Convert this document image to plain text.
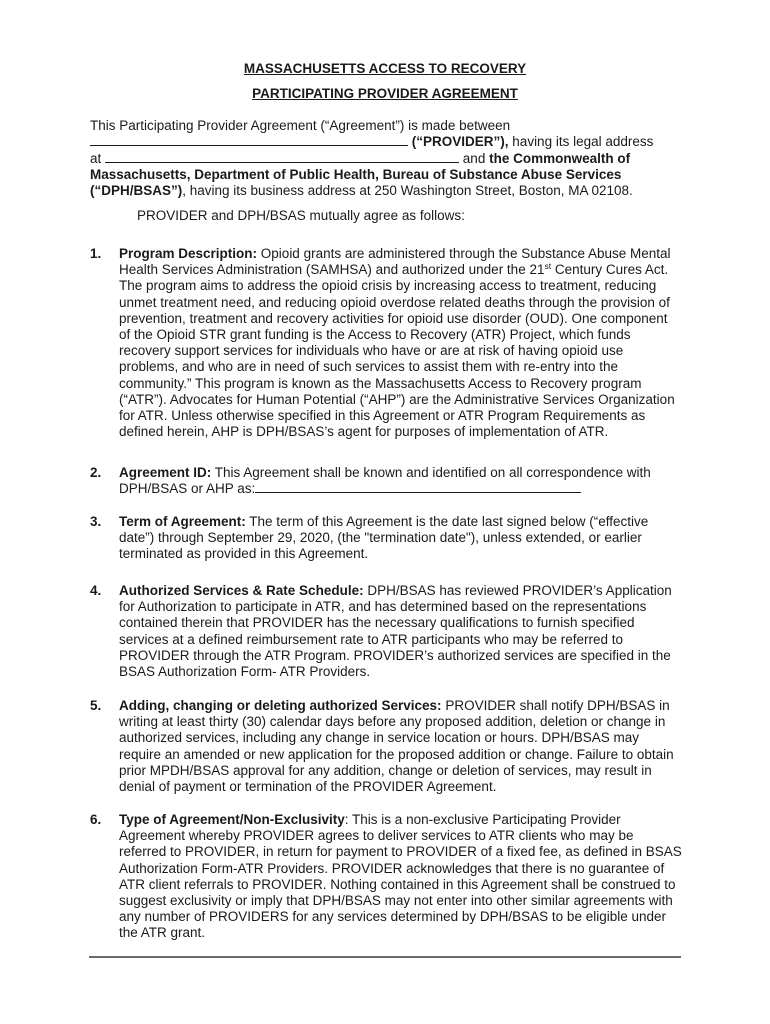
MASSACHUSETTS ACCESS TO RECOVERY
PARTICIPATING PROVIDER AGREEMENT

This Participating Provider Agreement (“Agreement”) is made between

(“PROVIDER”), having its legal address

at	and the Commonwealth of Massachusetts, Department of Public Health, Bureau of Substance Abuse Services (“DPH/BSAS”), having its business address at 250 Washington Street, Boston, MA 02108.

PROVIDER and DPH/BSAS mutually agree as follows:
1. Program Description: Opioid grants are administered through the Substance Abuse Mental Health Services Administration (SAMHSA) and authorized under the 21st Century Cures Act. The program aims to address the opioid crisis by increasing access to treatment, reducing unmet treatment need, and reducing opioid overdose related deaths through the provision of prevention, treatment and recovery activities for opioid use disorder (OUD). One component of the Opioid STR grant funding is the Access to Recovery (ATR) Project, which funds recovery support services for individuals who have or are at risk of having opioid use problems, and who are in need of such services to assist them with re-entry into the community.” This program is known as the Massachusetts Access to Recovery program (“ATR”). Advocates for Human Potential (“AHP”) are the Administrative Services Organization for ATR. Unless otherwise specified in this Agreement or ATR Program Requirements as defined herein, AHP is DPH/BSAS’s agent for purposes of implementation of ATR.
2. Agreement ID: This Agreement shall be known and identified on all correspondence with DPH/BSAS or AHP as:
3. Term of Agreement: The term of this Agreement is the date last signed below (“effective date”) through September 29, 2020, (the "termination date"), unless extended, or earlier terminated as provided in this Agreement.
4. Authorized Services & Rate Schedule: DPH/BSAS has reviewed PROVIDER’s Application for Authorization to participate in ATR, and has determined based on the representations contained therein that PROVIDER has the necessary qualifications to furnish specified services at a defined reimbursement rate to ATR participants who may be referred to PROVIDER through the ATR Program. PROVIDER’s authorized services are specified in the BSAS Authorization Form- ATR Providers.
5. Adding, changing or deleting authorized Services: PROVIDER shall notify DPH/BSAS in writing at least thirty (30) calendar days before any proposed addition, deletion or change in authorized services, including any change in service location or hours. DPH/BSAS may require an amended or new application for the proposed addition or change. Failure to obtain prior MPDH/BSAS approval for any addition, change or deletion of services, may result in denial of payment or termination of the PROVIDER Agreement.
6. Type of Agreement/Non-Exclusivity: This is a non-exclusive Participating Provider Agreement whereby PROVIDER agrees to deliver services to ATR clients who may be referred to PROVIDER, in return for payment to PROVIDER of a fixed fee, as defined in BSAS Authorization Form-ATR Providers. PROVIDER acknowledges that there is no guarantee of ATR client referrals to PROVIDER. Nothing contained in this Agreement shall be construed to suggest exclusivity or imply that DPH/BSAS may not enter into other similar agreements with any number of PROVIDERS for any services determined by DPH/BSAS to be eligible under the ATR grant.
